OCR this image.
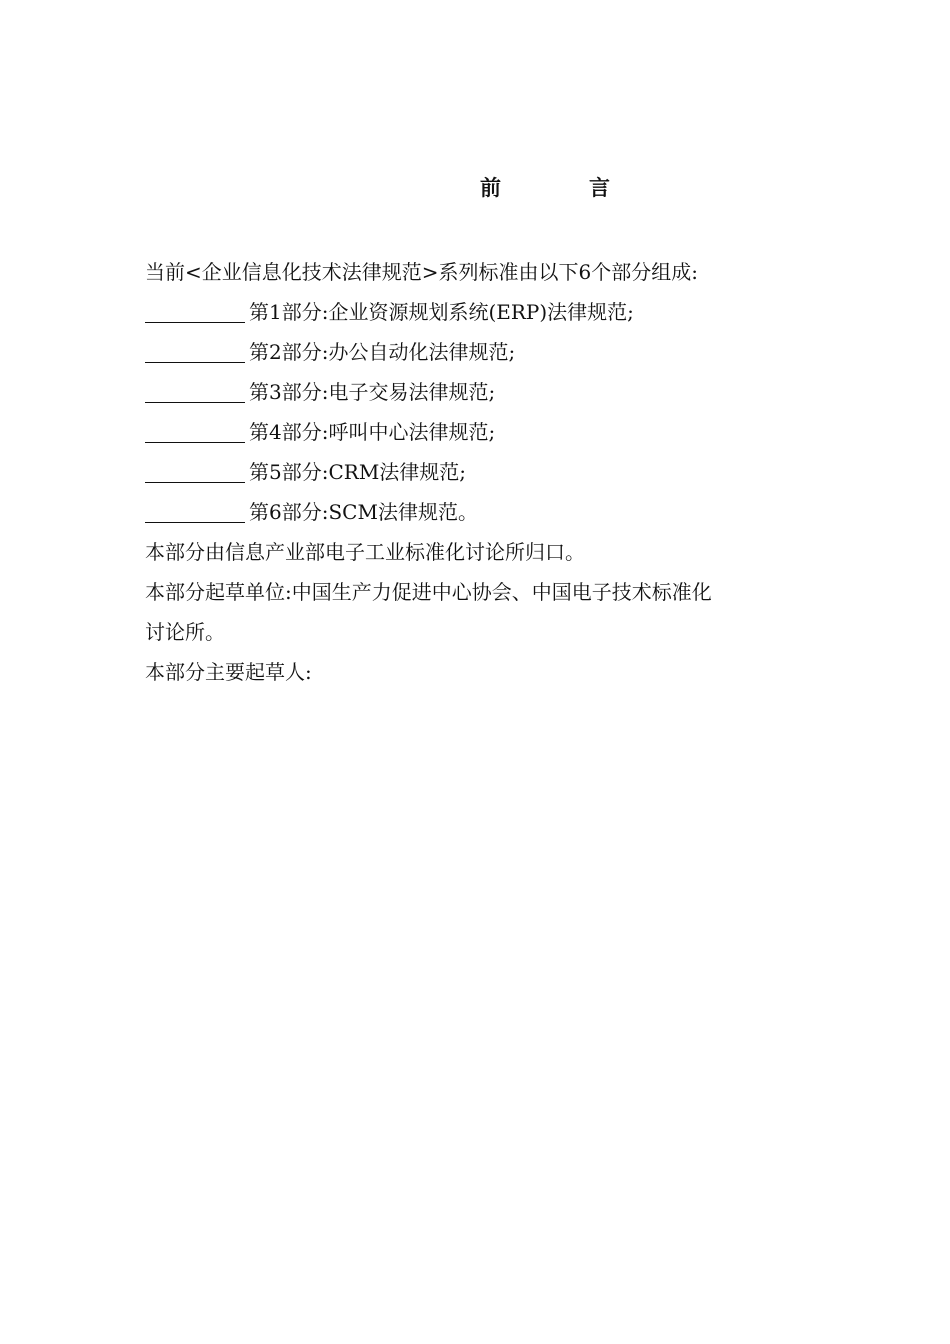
前	言
当前<企业信息化技术法律规范>系列标准由以下6个部分组成:
第1部分:企业资源规划系统(ERP)法律规范;
第2部分:办公自动化法律规范;
第3部分:电子交易法律规范;
第4部分:呼叫中心法律规范;
第5部分:CRM法律规范;
第6部分:SCM法律规范。
本部分由信息产业部电子工业标准化讨论所归口。
本部分起草单位:中国生产力促进中心协会、中国电子技术标准化
讨论所。
本部分主要起草人:
